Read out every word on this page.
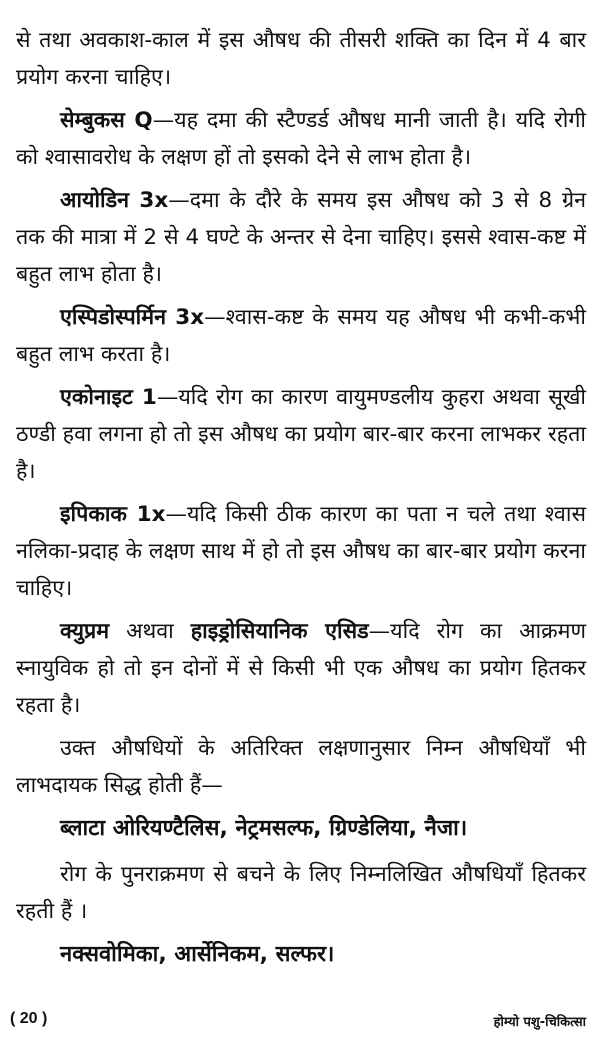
से तथा अवकाश-काल में इस औषध की तीसरी शक्ति का दिन में 4 बार प्रयोग करना चाहिए।

सेम्बुकस Q—यह दमा की स्टैण्डर्ड औषध मानी जाती है। यदि रोगी को श्वासावरोध के लक्षण हों तो इसको देने से लाभ होता है।

आयोडिन 3x—दमा के दौरे के समय इस औषध को 3 से 8 ग्रेन तक की मात्रा में 2 से 4 घण्टे के अन्तर से देना चाहिए। इससे श्वास-कष्ट में बहुत लाभ होता है।

एस्पिडोस्पर्मिन 3x—श्वास-कष्ट के समय यह औषध भी कभी-कभी बहुत लाभ करता है।

एकोनाइट 1—यदि रोग का कारण वायुमण्डलीय कुहरा अथवा सूखी ठण्डी हवा लगना हो तो इस औषध का प्रयोग बार-बार करना लाभकर रहता है।

इपिकाक 1x—यदि किसी ठीक कारण का पता न चले तथा श्वास नलिका-प्रदाह के लक्षण साथ में हो तो इस औषध का बार-बार प्रयोग करना चाहिए।

क्युप्रम अथवा हाइड्रोसियानिक एसिड—यदि रोग का आक्रमण स्नायुविक हो तो इन दोनों में से किसी भी एक औषध का प्रयोग हितकर रहता है।

उक्त औषधियों के अतिरिक्त लक्षणानुसार निम्न औषधियाँ भी लाभदायक सिद्ध होती हैं—

ब्लाटा ओरियण्टैलिस, नेट्रमसल्फ, ग्रिण्डेलिया, नैजा।

रोग के पुनराक्रमण से बचने के लिए निम्नलिखित औषधियाँ हितकर रहती हैं ।

नक्सवोमिका, आर्सेनिकम, सल्फर।

( 20 )	होम्यो पशु-चिकित्सा
